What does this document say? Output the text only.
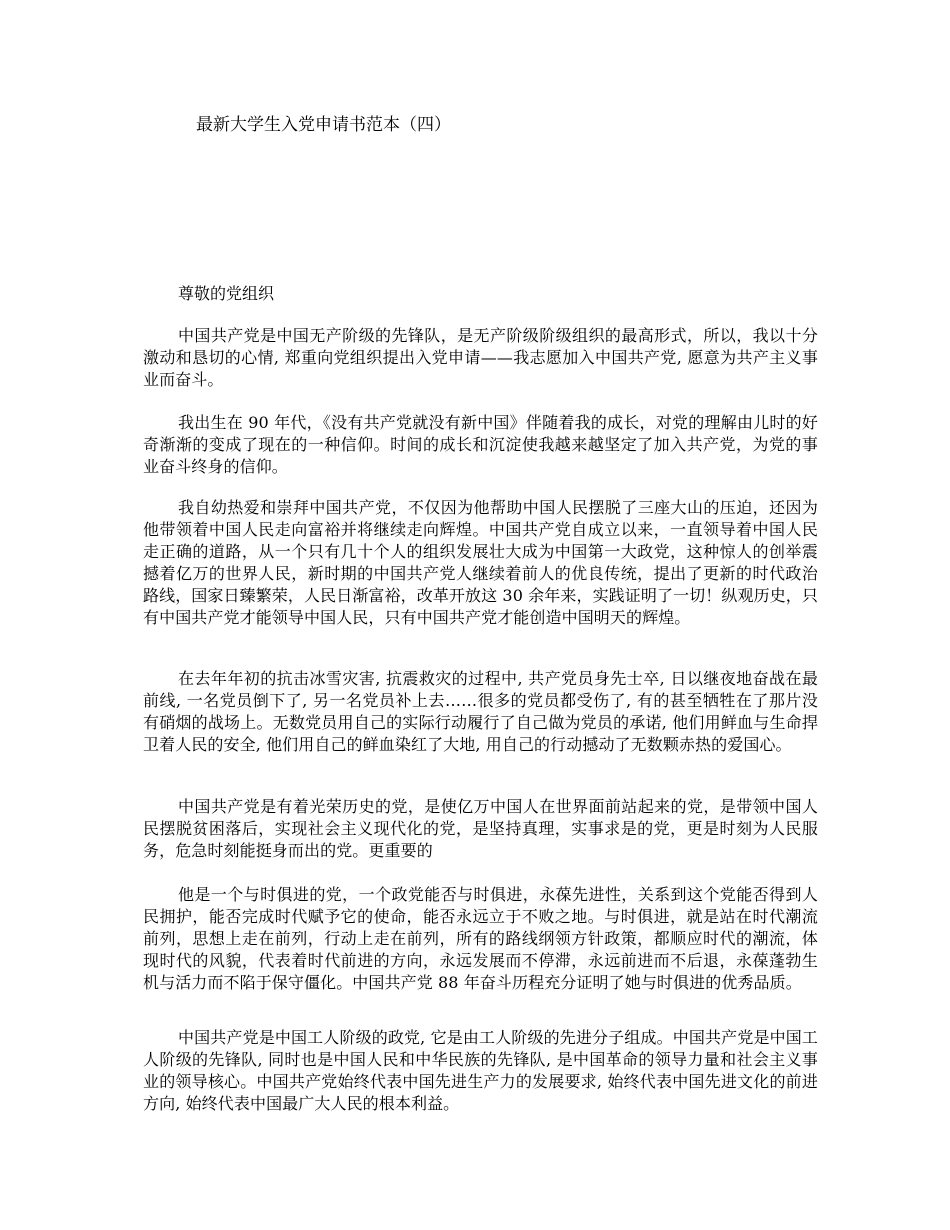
最新大学生入党申请书范本（四）

尊敬的党组织

中国共产党是中国无产阶级的先锋队，是无产阶级阶级组织的最高形式，所以，我以十分激动和恳切的心情, 郑重向党组织提出入党申请——我志愿加入中国共产党, 愿意为共产主义事业而奋斗。

我出生在 90 年代，《没有共产党就没有新中国》伴随着我的成长，对党的理解由儿时的好奇渐渐的变成了现在的一种信仰。时间的成长和沉淀使我越来越坚定了加入共产党，为党的事业奋斗终身的信仰。

我自幼热爱和崇拜中国共产党，不仅因为他帮助中国人民摆脱了三座大山的压迫，还因为他带领着中国人民走向富裕并将继续走向辉煌。中国共产党自成立以来，一直领导着中国人民走正确的道路，从一个只有几十个人的组织发展壮大成为中国第一大政党，这种惊人的创举震撼着亿万的世界人民，新时期的中国共产党人继续着前人的优良传统，提出了更新的时代政治路线，国家日臻繁荣，人民日渐富裕，改革开放这 30 余年来，实践证明了一切！纵观历史，只有中国共产党才能领导中国人民，只有中国共产党才能创造中国明天的辉煌。

在去年年初的抗击冰雪灾害, 抗震救灾的过程中, 共产党员身先士卒, 日以继夜地奋战在最前线, 一名党员倒下了, 另一名党员补上去……很多的党员都受伤了, 有的甚至牺牲在了那片没有硝烟的战场上。无数党员用自己的实际行动履行了自己做为党员的承诺, 他们用鲜血与生命捍卫着人民的安全, 他们用自己的鲜血染红了大地, 用自己的行动撼动了无数颗赤热的爱国心。

中国共产党是有着光荣历史的党，是使亿万中国人在世界面前站起来的党，是带领中国人民摆脱贫困落后，实现社会主义现代化的党，是坚持真理，实事求是的党，更是时刻为人民服务，危急时刻能挺身而出的党。更重要的

他是一个与时俱进的党，一个政党能否与时俱进，永葆先进性，关系到这个党能否得到人民拥护，能否完成时代赋予它的使命，能否永远立于不败之地。与时俱进，就是站在时代潮流前列，思想上走在前列，行动上走在前列，所有的路线纲领方针政策，都顺应时代的潮流，体现时代的风貌，代表着时代前进的方向，永远发展而不停滞，永远前进而不后退，永葆蓬勃生机与活力而不陷于保守僵化。中国共产党 88 年奋斗历程充分证明了她与时俱进的优秀品质。

中国共产党是中国工人阶级的政党, 它是由工人阶级的先进分子组成。中国共产党是中国工人阶级的先锋队, 同时也是中国人民和中华民族的先锋队, 是中国革命的领导力量和社会主义事业的领导核心。中国共产党始终代表中国先进生产力的发展要求, 始终代表中国先进文化的前进方向, 始终代表中国最广大人民的根本利益。
